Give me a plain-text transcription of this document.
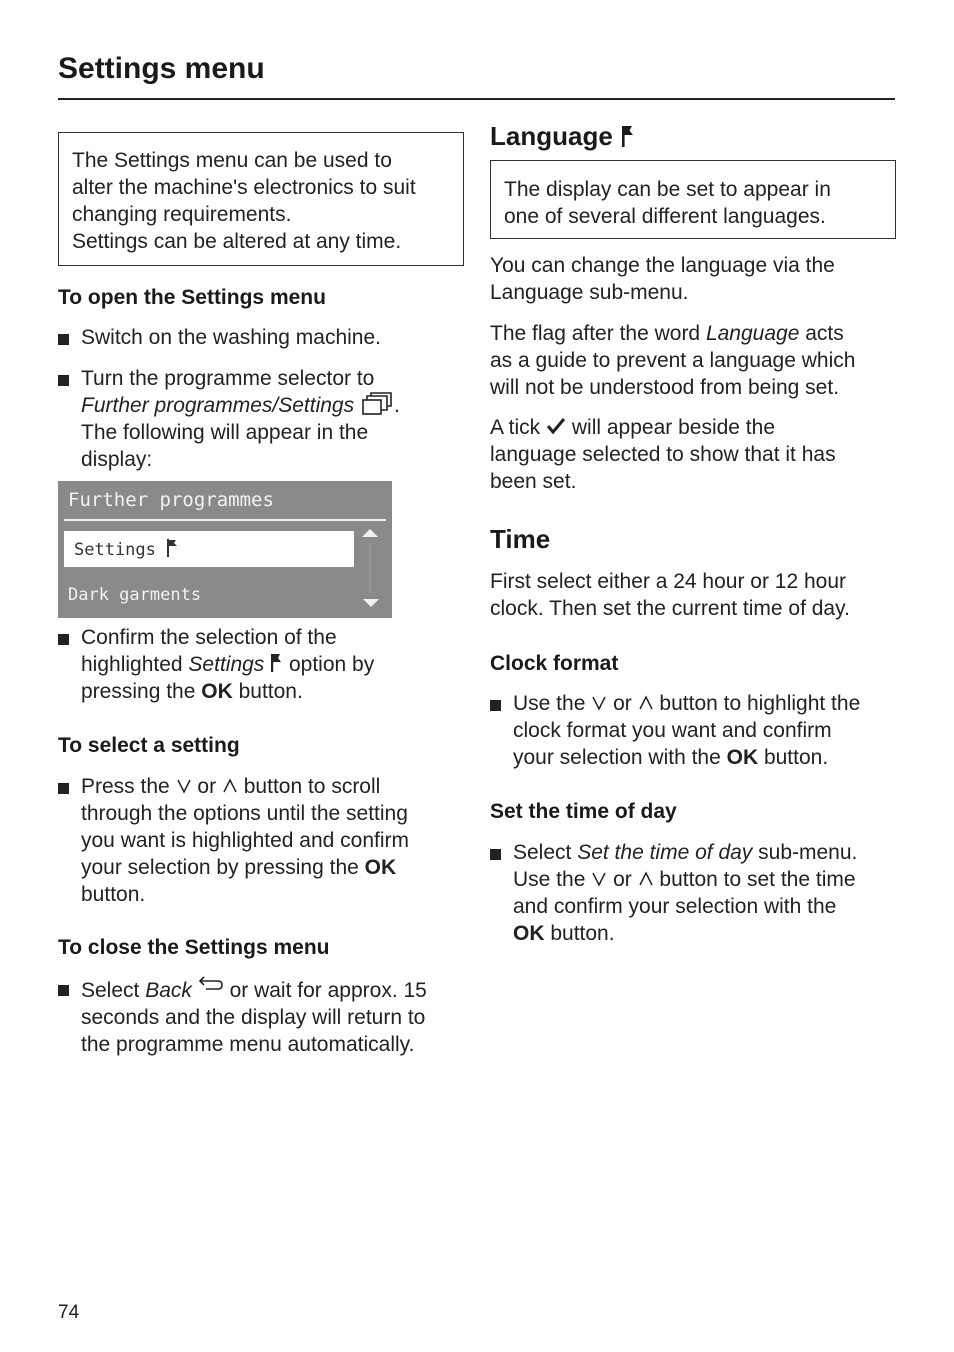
Settings menu
The Settings menu can be used to
alter the machine's electronics to suit
changing requirements.
Settings can be altered at any time.
To open the Settings menu
Switch on the washing machine.
Turn the programme selector to
Further programmes/Settings .
The following will appear in the
display:
Further programmes
Settings
Dark garments
Confirm the selection of the
highlighted Settings  option by
pressing the OK button.
To select a setting
Press the  or  button to scroll
through the options until the setting
you want is highlighted and confirm
your selection by pressing the OK
button.
To close the Settings menu
Select Back  or wait for approx. 15
seconds and the display will return to
the programme menu automatically.
Language
The display can be set to appear in
one of several different languages.
You can change the language via the
Language sub-menu.
The flag after the word Language acts
as a guide to prevent a language which
will not be understood from being set.
A tick  will appear beside the
language selected to show that it has
been set.
Time
First select either a 24 hour or 12 hour
clock. Then set the current time of day.
Clock format
Use the  or  button to highlight the
clock format you want and confirm
your selection with the OK button.
Set the time of day
Select Set the time of day sub-menu.
Use the  or  button to set the time
and confirm your selection with the
OK button.
74
